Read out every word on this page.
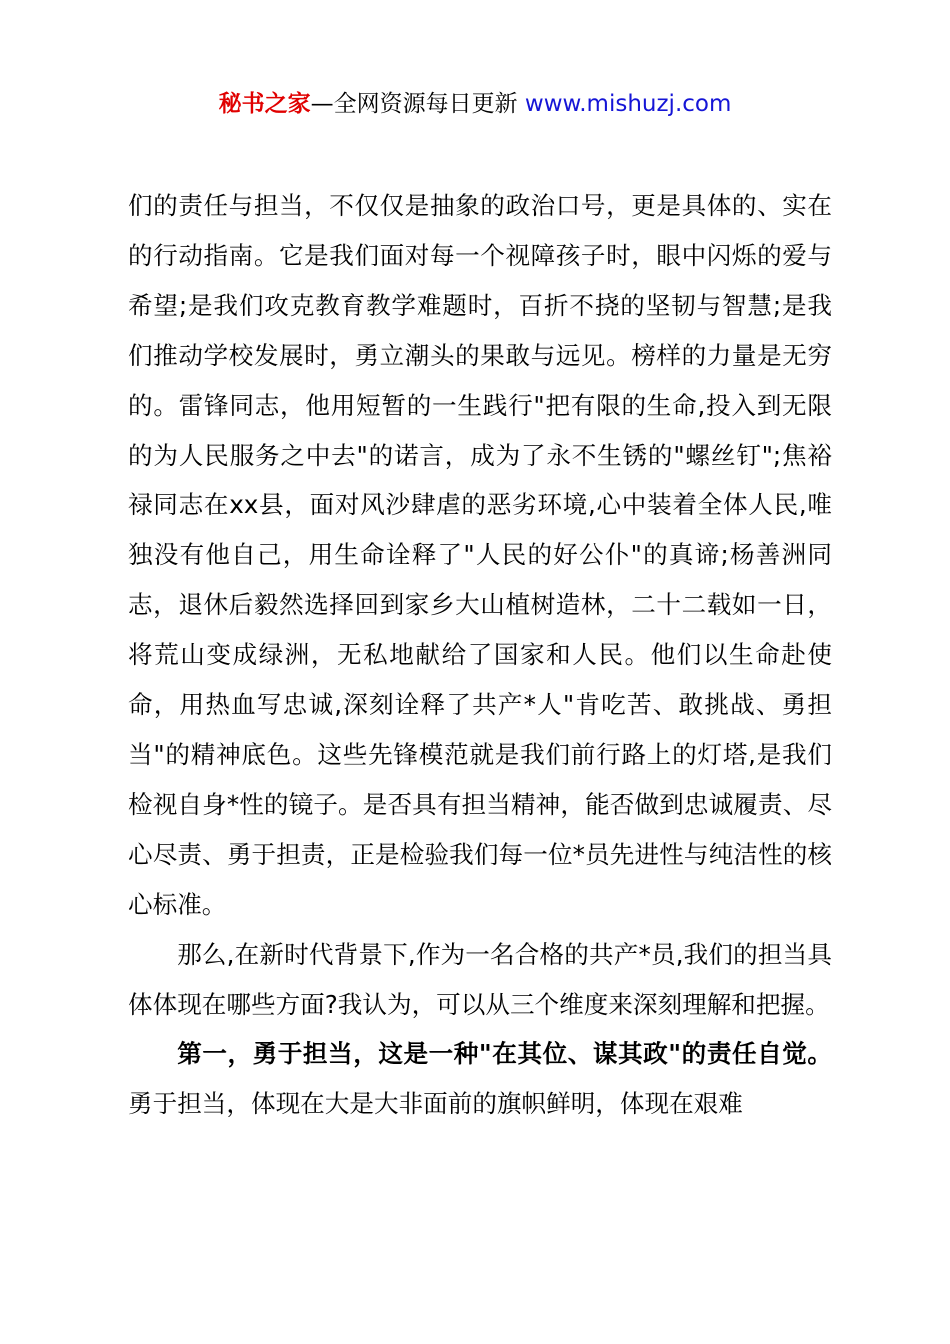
秘书之家—全网资源每日更新 www.mishuzj.com

们的责任与担当，不仅仅是抽象的政治口号，更是具体的、实在的行动指南。它是我们面对每一个视障孩子时，眼中闪烁的爱与希望;是我们攻克教育教学难题时，百折不挠的坚韧与智慧;是我们推动学校发展时，勇立潮头的果敢与远见。榜样的力量是无穷的。雷锋同志，他用短暂的一生践行"把有限的生命,投入到无限的为人民服务之中去"的诺言，成为了永不生锈的"螺丝钉";焦裕禄同志在xx县，面对风沙肆虐的恶劣环境,心中装着全体人民,唯独没有他自己，用生命诠释了"人民的好公仆"的真谛;杨善洲同志，退休后毅然选择回到家乡大山植树造林，二十二载如一日，将荒山变成绿洲，无私地献给了国家和人民。他们以生命赴使命，用热血写忠诚,深刻诠释了共产*人"肯吃苦、敢挑战、勇担当"的精神底色。这些先锋模范就是我们前行路上的灯塔,是我们检视自身*性的镜子。是否具有担当精神，能否做到忠诚履责、尽心尽责、勇于担责，正是检验我们每一位*员先进性与纯洁性的核心标准。

那么,在新时代背景下,作为一名合格的共产*员,我们的担当具体体现在哪些方面?我认为，可以从三个维度来深刻理解和把握。

第一，勇于担当，这是一种"在其位、谋其政"的责任自觉。勇于担当，体现在大是大非面前的旗帜鲜明，体现在艰难
